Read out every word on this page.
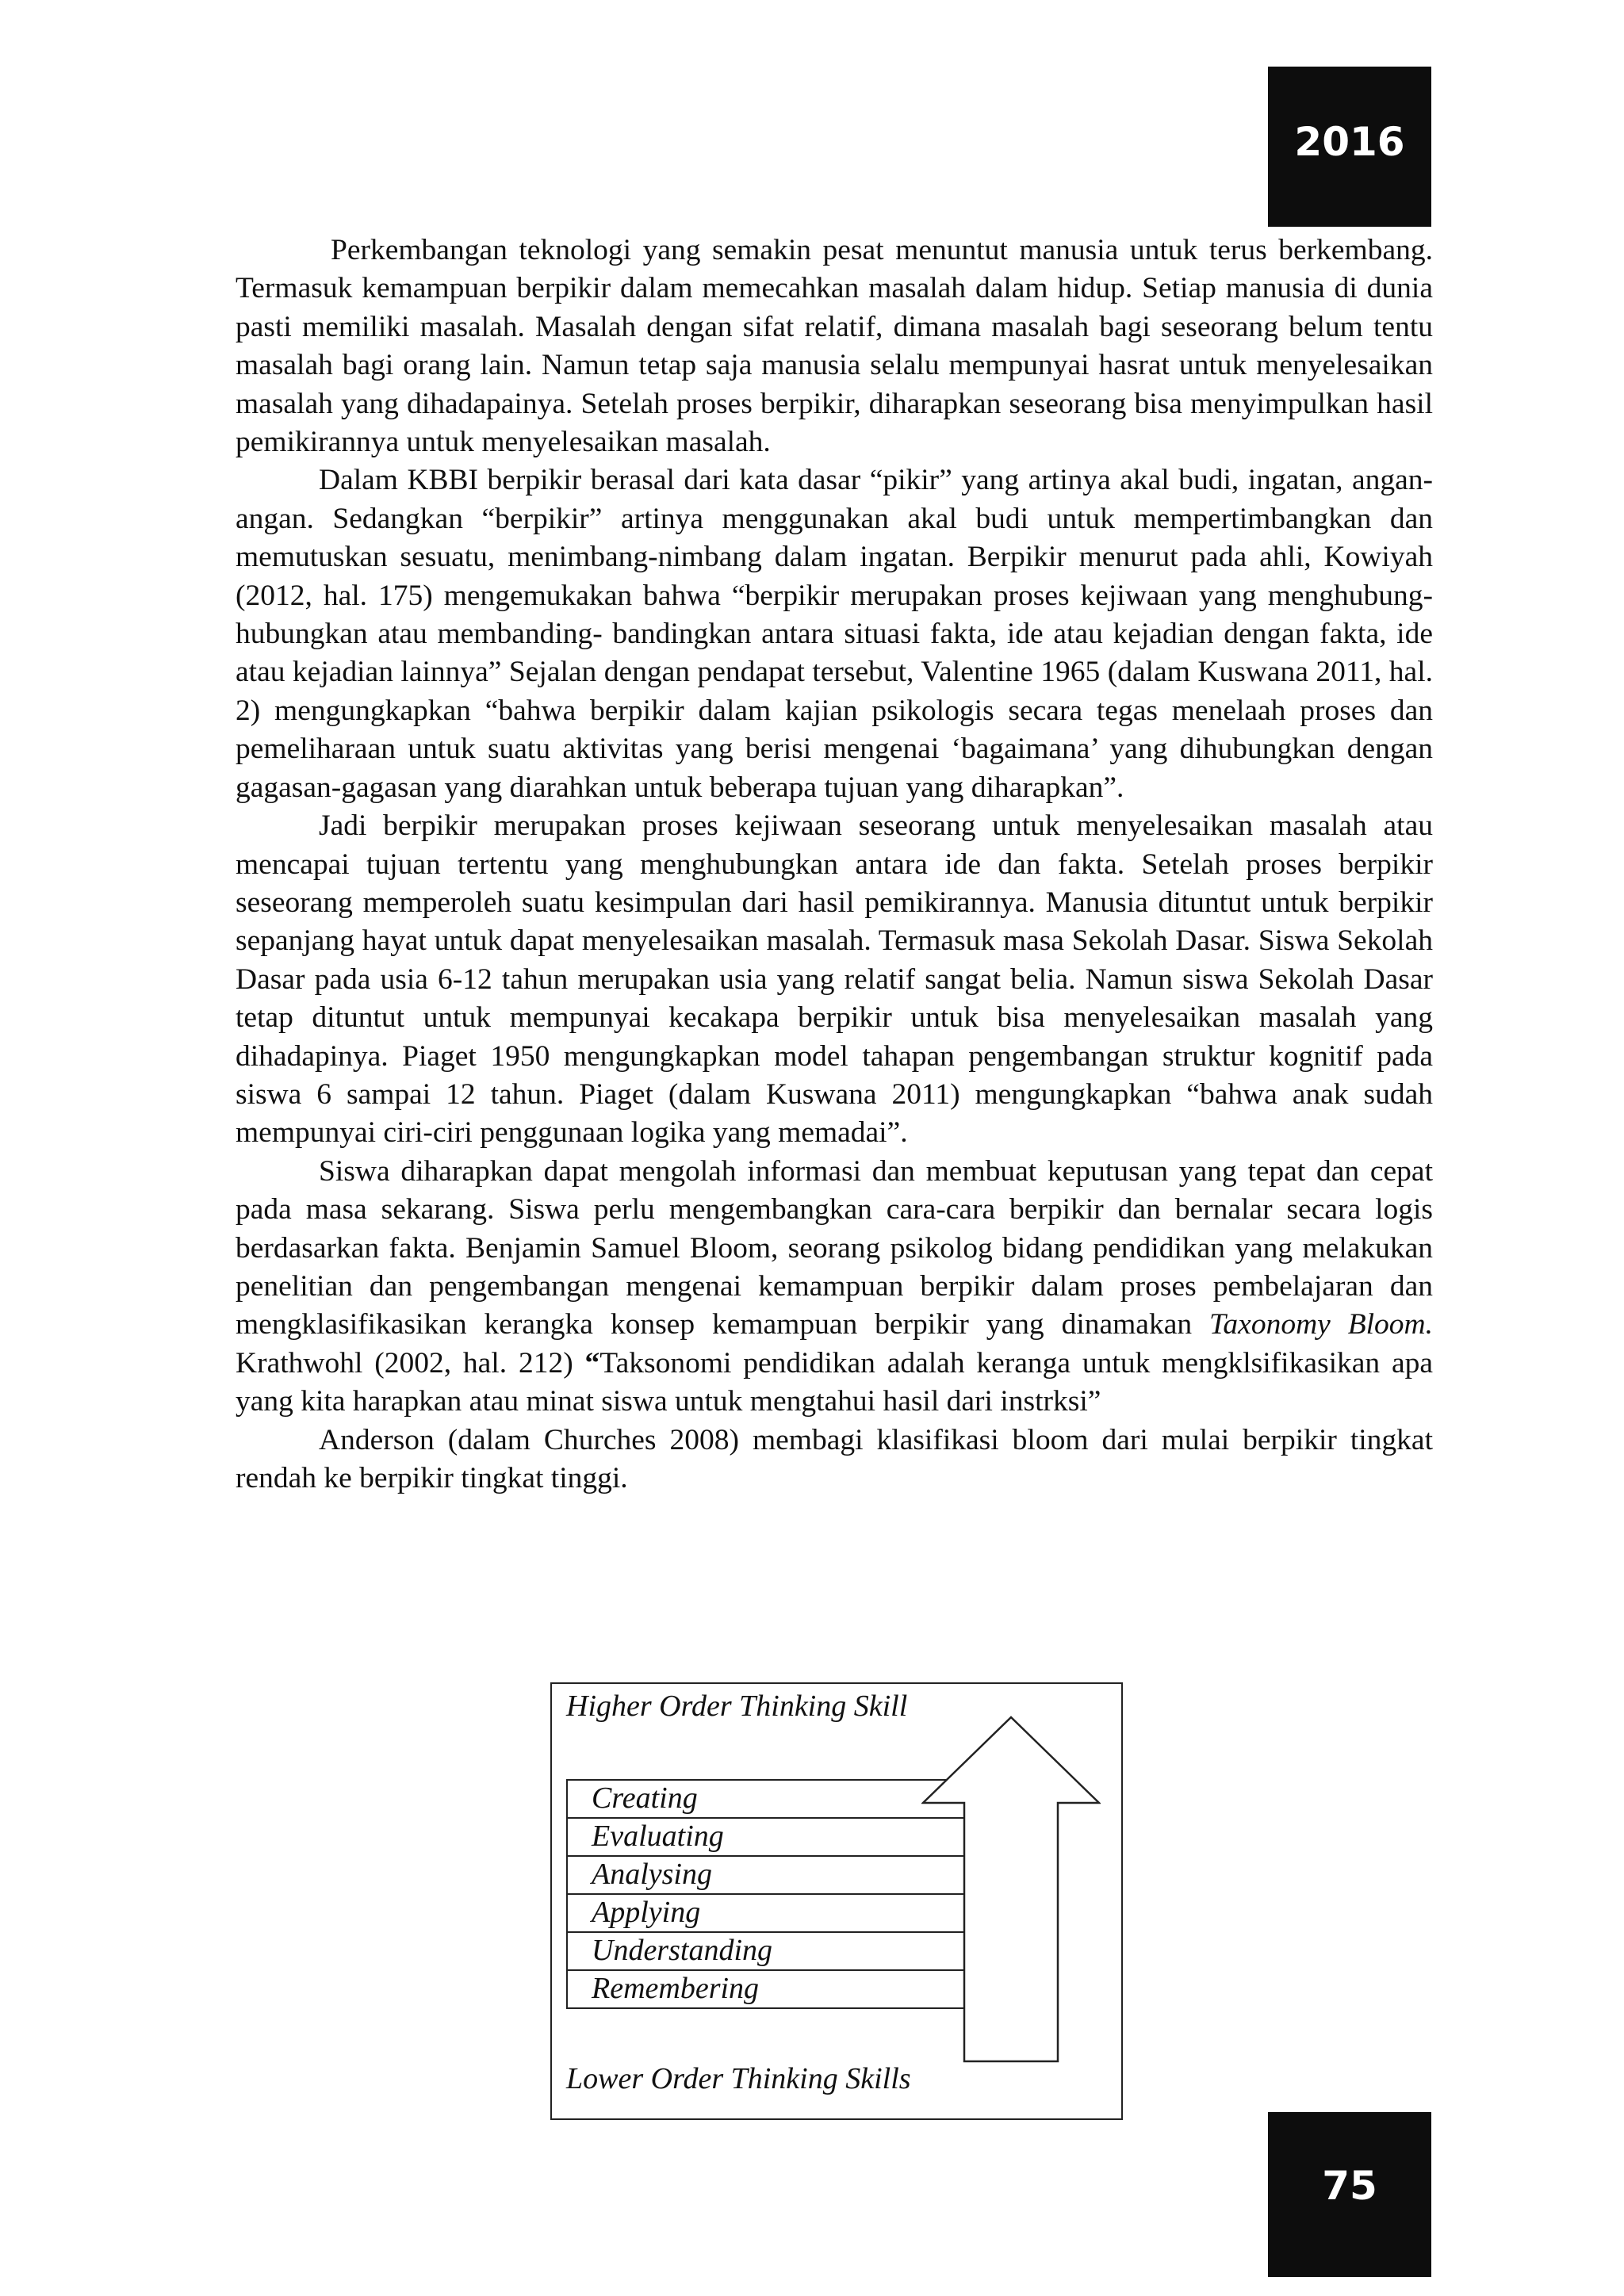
2016

Perkembangan teknologi yang semakin pesat menuntut manusia untuk terus berkembang. Termasuk kemampuan berpikir dalam memecahkan masalah dalam hidup. Setiap manusia di dunia pasti memiliki masalah. Masalah dengan sifat relatif, dimana masalah bagi seseorang belum tentu masalah bagi orang lain. Namun tetap saja manusia selalu mempunyai hasrat untuk menyelesaikan masalah yang dihadapainya. Setelah proses berpikir, diharapkan seseorang bisa menyimpulkan hasil pemikirannya untuk menyelesaikan masalah.

Dalam KBBI berpikir berasal dari kata dasar “pikir” yang artinya akal budi, ingatan, angan-angan. Sedangkan “berpikir” artinya menggunakan akal budi untuk mempertimbangkan dan memutuskan sesuatu, menimbang-nimbang dalam ingatan. Berpikir menurut pada ahli, Kowiyah (2012, hal. 175) mengemukakan bahwa “berpikir merupakan proses kejiwaan yang menghubung-hubungkan atau membanding- bandingkan antara situasi fakta, ide atau kejadian dengan fakta, ide atau kejadian lainnya” Sejalan dengan pendapat tersebut, Valentine 1965 (dalam Kuswana 2011, hal. 2) mengungkapkan “bahwa berpikir dalam kajian psikologis secara tegas menelaah proses dan pemeliharaan untuk suatu aktivitas yang berisi mengenai ‘bagaimana’ yang dihubungkan dengan gagasan-gagasan yang diarahkan untuk beberapa tujuan yang diharapkan”.

Jadi berpikir merupakan proses kejiwaan seseorang untuk menyelesaikan masalah atau mencapai tujuan tertentu yang menghubungkan antara ide dan fakta. Setelah proses berpikir seseorang memperoleh suatu kesimpulan dari hasil pemikirannya. Manusia dituntut untuk berpikir sepanjang hayat untuk dapat menyelesaikan masalah. Termasuk masa Sekolah Dasar. Siswa Sekolah Dasar pada usia 6-12 tahun merupakan usia yang relatif sangat belia. Namun siswa Sekolah Dasar tetap dituntut untuk mempunyai kecakapa berpikir untuk bisa menyelesaikan masalah yang dihadapinya. Piaget 1950 mengungkapkan model tahapan pengembangan struktur kognitif pada siswa 6 sampai 12 tahun. Piaget (dalam Kuswana 2011) mengungkapkan “bahwa anak sudah mempunyai ciri-ciri penggunaan logika yang memadai”.

Siswa diharapkan dapat mengolah informasi dan membuat keputusan yang tepat dan cepat pada masa sekarang. Siswa perlu mengembangkan cara-cara berpikir dan bernalar secara logis berdasarkan fakta. Benjamin Samuel Bloom, seorang psikolog bidang pendidikan yang melakukan penelitian dan pengembangan mengenai kemampuan berpikir dalam proses pembelajaran dan mengklasifikasikan kerangka konsep kemampuan berpikir yang dinamakan Taxonomy Bloom. Krathwohl (2002, hal. 212) “Taksonomi pendidikan adalah keranga untuk mengklsifikasikan apa yang kita harapkan atau minat siswa untuk mengtahui hasil dari instrksi”

Anderson (dalam Churches 2008) membagi klasifikasi bloom dari mulai berpikir tingkat rendah ke berpikir tingkat tinggi.

Higher Order Thinking Skill
Creating
Evaluating
Analysing
Applying
Understanding
Remembering
Lower Order Thinking Skills
75
